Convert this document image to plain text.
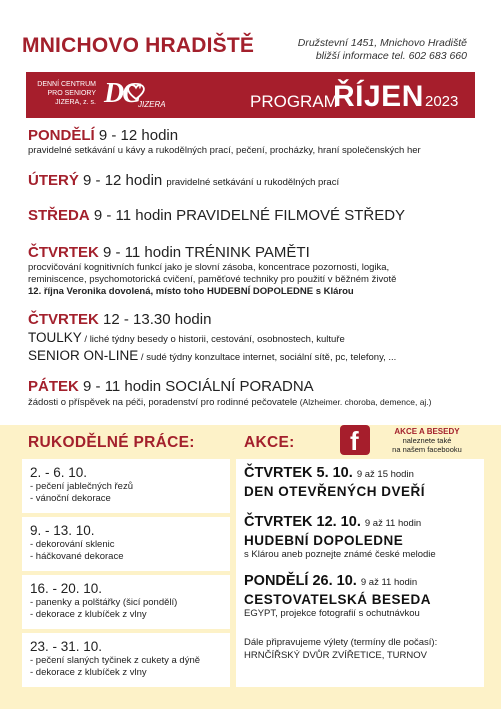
MNICHOVO HRADIŠTĚ	Družstevní 1451, Mnichovo Hradiště
bližší informace tel. 602 683 660
DENNÍ CENTRUM
PRO SENIORY
JIZERA, z. s. DC JIZERA	PROGRAM
ŘÍJEN 2023
PONDĚLÍ 9 - 12 hodin
pravidelné setkávání u kávy a rukodělných prací, pečení, procházky, hraní společenských her
ÚTERÝ 9 - 12 hodin pravidelné setkávání u rukodělných prací
STŘEDA 9 - 11 hodin PRAVIDELNÉ FILMOVÉ STŘEDY
ČTVRTEK 9 - 11 hodin TRÉNINK PAMĚTI
procvičování kognitivních funkcí jako je slovní zásoba, koncentrace pozornosti, logika,
reminiscence, psychomotorická cvičení, paměťové techniky pro použití v běžném životě
12. října Veronika dovolená, místo toho HUDEBNÍ DOPOLEDNE s Klárou
ČTVRTEK 12 - 13.30 hodin
TOULKY / liché týdny besedy o historii, cestování, osobnostech, kultuře
SENIOR ON-LINE / sudé týdny konzultace internet, sociální sítě, pc, telefony, ...
PÁTEK 9 - 11 hodin SOCIÁLNÍ PORADNA
žádosti o příspěvek na péči, poradenství pro rodinné pečovatele (Alzheimer. choroba, demence, aj.)
RUKODĚLNÉ PRÁCE:	AKCE: f	AKCE A BESEDY
naleznete také
na našem facebooku
2. - 6. 10.
- pečení jablečných řezů
- vánoční dekorace
9. - 13. 10.
- dekorování sklenic
- háčkované dekorace
16. - 20. 10.
- panenky a polštářky (šicí pondělí)
- dekorace z klubíček z vlny
23. - 31. 10.
- pečení slaných tyčinek z cukety a dýně
- dekorace z klubíček z vlny
ČTVRTEK 5. 10. 9 až 15 hodin
DEN OTEVŘENÝCH DVEŘÍ
ČTVRTEK 12. 10. 9 až 11 hodin
HUDEBNÍ DOPOLEDNE
s Klárou aneb poznejte známé české melodie
PONDĚLÍ 26. 10. 9 až 11 hodin
CESTOVATELSKÁ BESEDA
EGYPT, projekce fotografií s ochutnávkou
Dále připravujeme výlety (termíny dle počasí):
HRNČÍŘSKÝ DVŮR ZVÍŘETICE, TURNOV
